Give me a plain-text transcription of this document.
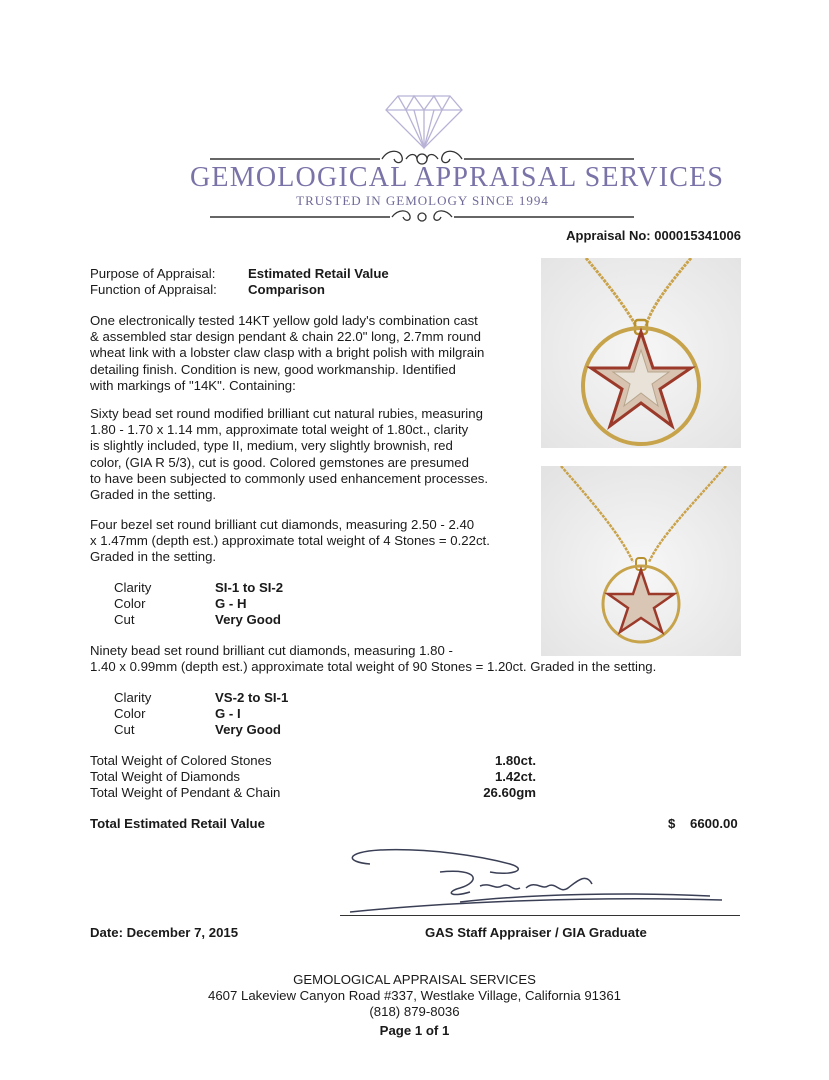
GEMOLOGICAL APPRAISAL SERVICES
TRUSTED IN GEMOLOGY SINCE 1994
Appraisal No: 000015341006
Purpose of Appraisal: Estimated Retail Value
Function of Appraisal: Comparison
One electronically tested 14KT yellow gold lady's combination cast
& assembled star design pendant & chain 22.0" long, 2.7mm round
wheat link with a lobster claw clasp with a bright polish with milgrain
detailing finish. Condition is new, good workmanship. Identified
with markings of "14K". Containing:
Sixty bead set round modified brilliant cut natural rubies, measuring
1.80 - 1.70 x 1.14 mm, approximate total weight of 1.80ct., clarity
is slightly included, type II, medium, very slightly brownish, red
color, (GIA R 5/3), cut is good. Colored gemstones are presumed
to have been subjected to commonly used enhancement processes.
Graded in the setting.
Four bezel set round brilliant cut diamonds, measuring 2.50 - 2.40
x 1.47mm (depth est.) approximate total weight of 4 Stones = 0.22ct.
Graded in the setting.
Clarity	SI-1 to SI-2
Color	G - H
Cut	Very Good
Ninety bead set round brilliant cut diamonds, measuring 1.80 -
1.40 x 0.99mm (depth est.) approximate total weight of 90 Stones = 1.20ct. Graded in the setting.
Clarity	VS-2 to SI-1
Color	G - I
Cut	Very Good
Total Weight of Colored Stones	1.80ct.
Total Weight of Diamonds	1.42ct.
Total Weight of Pendant & Chain	26.60gm
Total Estimated Retail Value	$ 6600.00
Date: December 7, 2015	GAS Staff Appraiser / GIA Graduate
GEMOLOGICAL APPRAISAL SERVICES
4607 Lakeview Canyon Road #337, Westlake Village, California 91361
(818) 879-8036
Page 1 of 1
